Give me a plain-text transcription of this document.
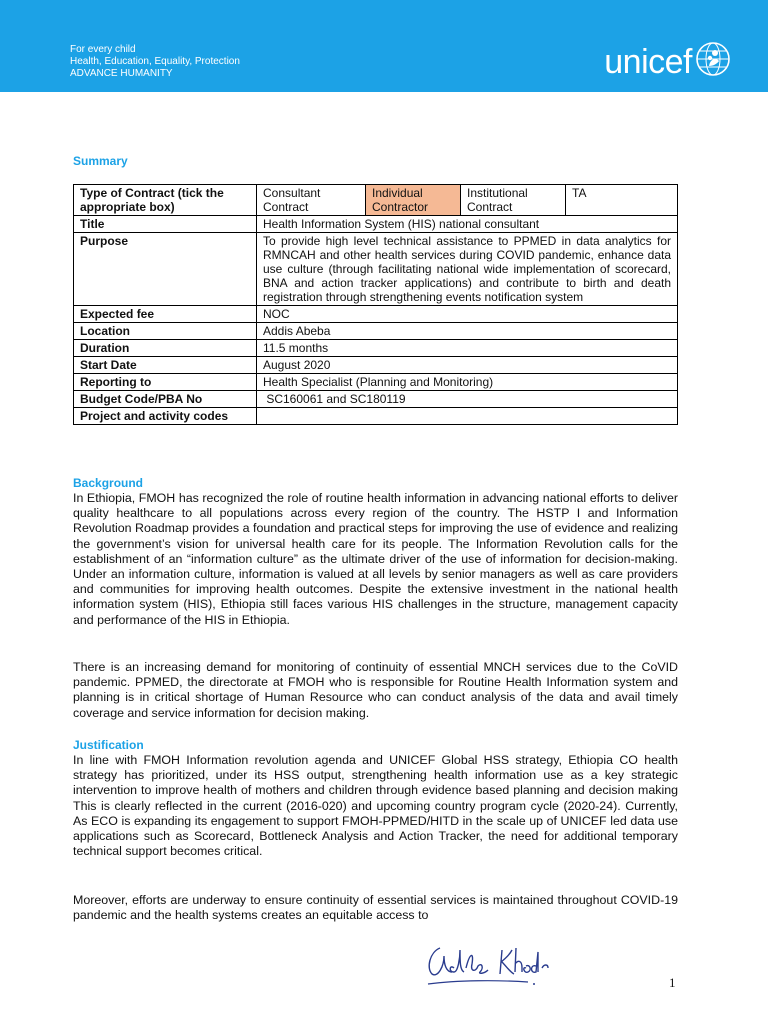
For every child
Health, Education, Equality, Protection
ADVANCE HUMANITY	unicef
Summary
Type of Contract (tick the appropriate box)	Consultant Contract	Individual Contractor	Institutional Contract	TA
Title	Health Information System (HIS) national consultant			
Purpose	To provide high level technical assistance to PPMED in data analytics for RMNCAH and other health services during COVID pandemic, enhance data use culture (through facilitating national wide implementation of scorecard, BNA and action tracker applications) and contribute to birth and death registration through strengthening events notification system			
Expected fee	NOC			
Location	Addis Abeba			
Duration	11.5 months			
Start Date	August 2020			
Reporting to	Health Specialist (Planning and Monitoring)			
Budget Code/PBA No	SC160061 and SC180119			
Project and activity codes				
Background

In Ethiopia, FMOH has recognized the role of routine health information in advancing national efforts to deliver quality healthcare to all populations across every region of the country. The HSTP I and Information Revolution Roadmap provides a foundation and practical steps for improving the use of evidence and realizing the government’s vision for universal health care for its people. The Information Revolution calls for the establishment of an “information culture” as the ultimate driver of the use of information for decision-making. Under an information culture, information is valued at all levels by senior managers as well as care providers and communities for improving health outcomes. Despite the extensive investment in the national health information system (HIS), Ethiopia still faces various HIS challenges in the structure, management capacity and performance of the HIS in Ethiopia.

There is an increasing demand for monitoring of continuity of essential MNCH services due to the CoVID pandemic. PPMED, the directorate at FMOH who is responsible for Routine Health Information system and planning is in critical shortage of Human Resource who can conduct analysis of the data and avail timely coverage and service information for decision making.

Justification

In line with FMOH Information revolution agenda and UNICEF Global HSS strategy, Ethiopia CO health strategy has prioritized, under its HSS output, strengthening health information use as a key strategic intervention to improve health of mothers and children through evidence based planning and decision making This is clearly reflected in the current (2016-020) and upcoming country program cycle (2020-24). Currently, As ECO is expanding its engagement to support FMOH-PPMED/HITD in the scale up of UNICEF led data use applications such as Scorecard, Bottleneck Analysis and Action Tracker, the need for additional temporary technical support becomes critical.

Moreover, efforts are underway to ensure continuity of essential services is maintained throughout COVID-19 pandemic and the health systems creates an equitable access to

1
